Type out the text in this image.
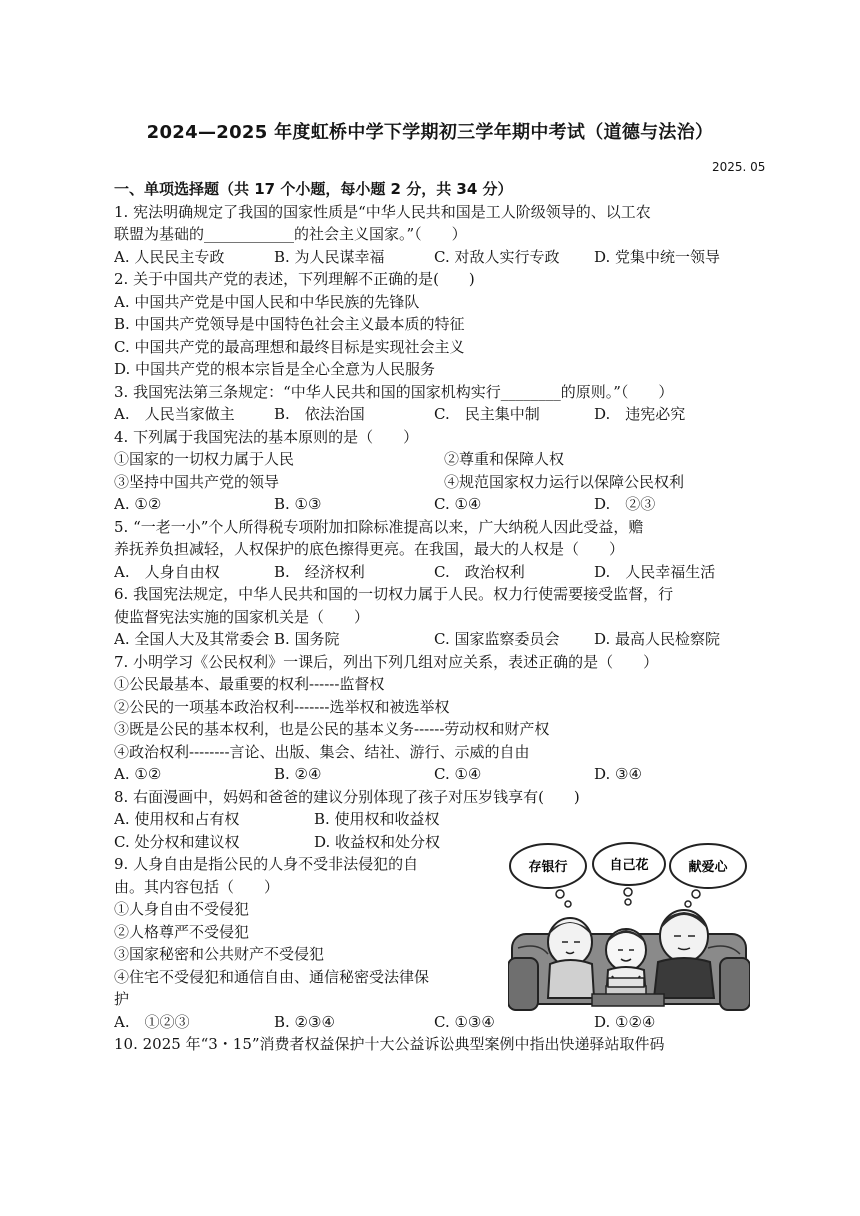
2024—2025 年度虹桥中学下学期初三学年期中考试（道德与法治）
2025. 05
一、单项选择题（共 17 个小题，每小题 2 分，共 34 分）
1. 宪法明确规定了我国的国家性质是“中华人民共和国是工人阶级领导的、以工农
联盟为基础的____________的社会主义国家。”（　　）
A. 人民民主专政	B. 为人民谋幸福	C. 对敌人实行专政	D. 党集中统一领导
2. 关于中国共产党的表述，下列理解不正确的是(　　)
A. 中国共产党是中国人民和中华民族的先锋队
B. 中国共产党领导是中国特色社会主义最本质的特征
C. 中国共产党的最高理想和最终目标是实现社会主义
D. 中国共产党的根本宗旨是全心全意为人民服务
3. 我国宪法第三条规定：“中华人民共和国的国家机构实行________的原则。”（　　）
A.　人民当家做主	B.　依法治国	C.　民主集中制	D.　违宪必究
4. 下列属于我国宪法的基本原则的是（　　）
①国家的一切权力属于人民	②尊重和保障人权
③坚持中国共产党的领导	④规范国家权力运行以保障公民权利
A. ①②	B. ①③	C. ①④	D.　②③
5. “一老一小”个人所得税专项附加扣除标准提高以来，广大纳税人因此受益，赡
养抚养负担减轻，人权保护的底色擦得更亮。在我国，最大的人权是（　　）
A.　人身自由权	B.　经济权利	C.　政治权利	D.　人民幸福生活
6. 我国宪法规定，中华人民共和国的一切权力属于人民。权力行使需要接受监督，行
使监督宪法实施的国家机关是（　　）
A. 全国人大及其常委会 B. 国务院	C. 国家监察委员会	D. 最高人民检察院
7. 小明学习《公民权利》一课后，列出下列几组对应关系，表述正确的是（　　）
①公民最基本、最重要的权利------监督权
②公民的一项基本政治权利-------选举权和被选举权
③既是公民的基本权利，也是公民的基本义务------劳动权和财产权
④政治权利--------言论、出版、集会、结社、游行、示威的自由
A. ①②	B. ②④	C. ①④	D. ③④
8. 右面漫画中，妈妈和爸爸的建议分别体现了孩子对压岁钱享有(　　)
A. 使用权和占有权	B. 使用权和收益权
C. 处分权和建议权	D. 收益权和处分权
9. 人身自由是指公民的人身不受非法侵犯的自
由。其内容包括（　　）
①人身自由不受侵犯
②人格尊严不受侵犯
③国家秘密和公共财产不受侵犯
④住宅不受侵犯和通信自由、通信秘密受法律保
护
A.　①②③	B. ②③④	C. ①③④	D. ①②④
10. 2025 年“3・15”消费者权益保护十大公益诉讼典型案例中指出快递驿站取件码
存银行	自己花	献爱心
